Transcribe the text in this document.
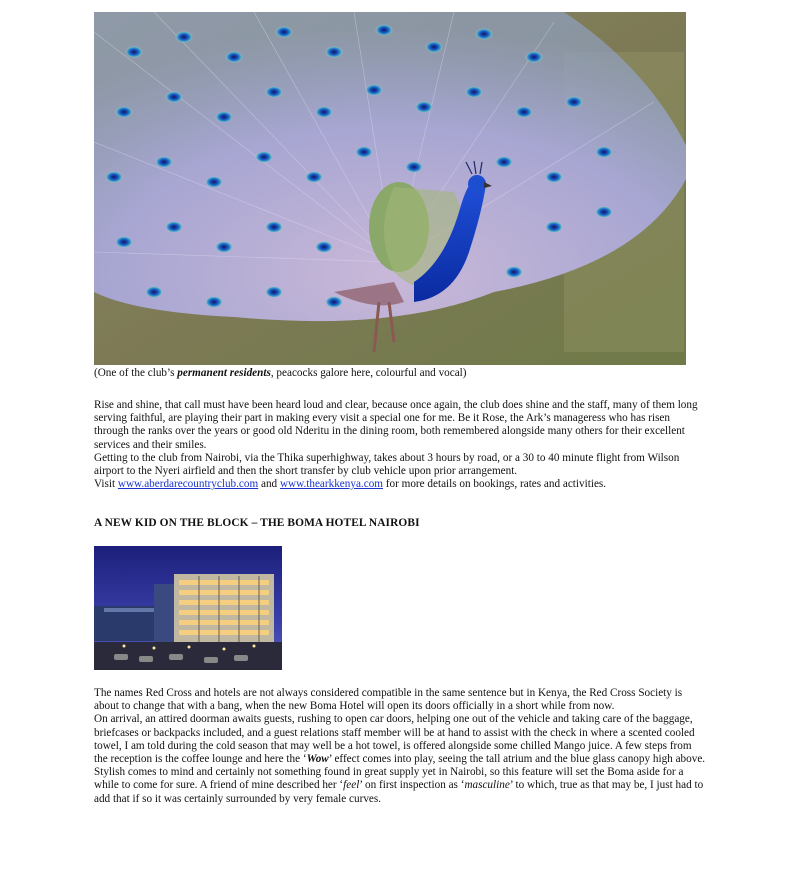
(One of the club’s permanent residents, peacocks galore here, colourful and vocal)

Rise and shine, that call must have been heard loud and clear, because once again, the club does shine and the staff, many of them long serving faithful, are playing their part in making every visit a special one for me. Be it Rose, the Ark’s manageress who has risen through the ranks over the years or good old Nderitu in the dining room, both remembered alongside many others for their excellent services and their smiles.

Getting to the club from Nairobi, via the Thika superhighway, takes about 3 hours by road, or a 30 to 40 minute flight from Wilson airport to the Nyeri airfield and then the short transfer by club vehicle upon prior arrangement.

Visit www.aberdarecountryclub.com and www.thearkkenya.com for more details on bookings, rates and activities.

A NEW KID ON THE BLOCK – THE BOMA HOTEL NAIROBI

The names Red Cross and hotels are not always considered compatible in the same sentence but in Kenya, the Red Cross Society is about to change that with a bang, when the new Boma Hotel will open its doors officially in a short while from now.

On arrival, an attired doorman awaits guests, rushing to open car doors, helping one out of the vehicle and taking care of the baggage, briefcases or backpacks included, and a guest relations staff member will be at hand to assist with the check in where a scented cooled towel, I am told during the cold season that may well be a hot towel, is offered alongside some chilled Mango juice. A few steps from the reception is the coffee lounge and here the ‘Wow’ effect comes into play, seeing the tall atrium and the blue glass canopy high above. Stylish comes to mind and certainly not something found in great supply yet in Nairobi, so this feature will set the Boma aside for a while to come for sure. A friend of mine described her ‘feel’ on first inspection as ‘masculine’ to which, true as that may be, I just had to add that if so it was certainly surrounded by very female curves.
